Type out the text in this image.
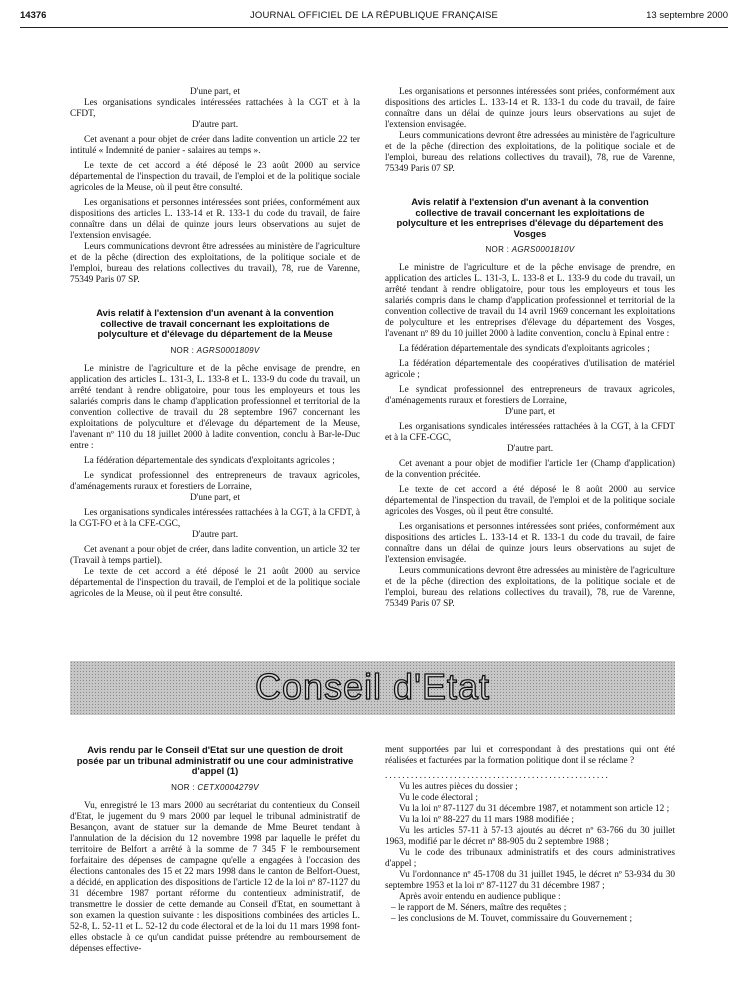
14376	JOURNAL OFFICIEL DE LA RÉPUBLIQUE FRANÇAISE	13 septembre 2000

D'une part, et

Les organisations syndicales intéressées rattachées à la CGT et à la CFDT,

D'autre part.

Cet avenant a pour objet de créer dans ladite convention un article 22 ter intitulé « Indemnité de panier - salaires au temps ».

Le texte de cet accord a été déposé le 23 août 2000 au service départemental de l'inspection du travail, de l'emploi et de la politique sociale agricoles de la Meuse, où il peut être consulté.

Les organisations et personnes intéressées sont priées, conformément aux dispositions des articles L. 133-14 et R. 133-1 du code du travail, de faire connaître dans un délai de quinze jours leurs observations au sujet de l'extension envisagée.

Leurs communications devront être adressées au ministère de l'agriculture et de la pêche (direction des exploitations, de la politique sociale et de l'emploi, bureau des relations collectives du travail), 78, rue de Varenne, 75349 Paris 07 SP.

Avis relatif à l'extension d'un avenant à la convention collective de travail concernant les exploitations de polyculture et d'élevage du département de la Meuse
NOR : AGRS0001809V

Le ministre de l'agriculture et de la pêche envisage de prendre, en application des articles L. 131-3, L. 133-8 et L. 133-9 du code du travail, un arrêté tendant à rendre obligatoire, pour tous les employeurs et tous les salariés compris dans le champ d'application professionnel et territorial de la convention collective de travail du 28 septembre 1967 concernant les exploitations de polyculture et d'élevage du département de la Meuse, l'avenant nº 110 du 18 juillet 2000 à ladite convention, conclu à Bar-le-Duc entre :

La fédération départementale des syndicats d'exploitants agricoles ;

Le syndicat professionnel des entrepreneurs de travaux agricoles, d'aménagements ruraux et forestiers de Lorraine,

D'une part, et

Les organisations syndicales intéressées rattachées à la CGT, à la CFDT, à la CGT-FO et à la CFE-CGC,

D'autre part.

Cet avenant a pour objet de créer, dans ladite convention, un article 32 ter (Travail à temps partiel).

Le texte de cet accord a été déposé le 21 août 2000 au service départemental de l'inspection du travail, de l'emploi et de la politique sociale agricoles de la Meuse, où il peut être consulté.

Les organisations et personnes intéressées sont priées, conformément aux dispositions des articles L. 133-14 et R. 133-1 du code du travail, de faire connaître dans un délai de quinze jours leurs observations au sujet de l'extension envisagée.

Leurs communications devront être adressées au ministère de l'agriculture et de la pêche (direction des exploitations, de la politique sociale et de l'emploi, bureau des relations collectives du travail), 78, rue de Varenne, 75349 Paris 07 SP.

Avis relatif à l'extension d'un avenant à la convention collective de travail concernant les exploitations de polyculture et les entreprises d'élevage du département des Vosges
NOR : AGRS0001810V

Le ministre de l'agriculture et de la pêche envisage de prendre, en application des articles L. 131-3, L. 133-8 et L. 133-9 du code du travail, un arrêté tendant à rendre obligatoire, pour tous les employeurs et tous les salariés compris dans le champ d'application professionnel et territorial de la convention collective de travail du 14 avril 1969 concernant les exploitations de polyculture et les entreprises d'élevage du département des Vosges, l'avenant nº 89 du 10 juillet 2000 à ladite convention, conclu à Epinal entre :

La fédération départementale des syndicats d'exploitants agricoles ;

La fédération départementale des coopératives d'utilisation de matériel agricole ;

Le syndicat professionnel des entrepreneurs de travaux agricoles, d'aménagements ruraux et forestiers de Lorraine,

D'une part, et

Les organisations syndicales intéressées rattachées à la CGT, à la CFDT et à la CFE-CGC,

D'autre part.

Cet avenant a pour objet de modifier l'article 1er (Champ d'application) de la convention précitée.

Le texte de cet accord a été déposé le 8 août 2000 au service départemental de l'inspection du travail, de l'emploi et de la politique sociale agricoles des Vosges, où il peut être consulté.

Les organisations et personnes intéressées sont priées, conformément aux dispositions des articles L. 133-14 et R. 133-1 du code du travail, de faire connaître dans un délai de quinze jours leurs observations au sujet de l'extension envisagée.

Leurs communications devront être adressées au ministère de l'agriculture et de la pêche (direction des exploitations, de la politique sociale et de l'emploi, bureau des relations collectives du travail), 78, rue de Varenne, 75349 Paris 07 SP.

Conseil d'Etat
Avis rendu par le Conseil d'Etat sur une question de droit posée par un tribunal administratif ou une cour administrative d'appel (1)
NOR : CETX0004279V

Vu, enregistré le 13 mars 2000 au secrétariat du contentieux du Conseil d'Etat, le jugement du 9 mars 2000 par lequel le tribunal administratif de Besançon, avant de statuer sur la demande de Mme Beuret tendant à l'annulation de la décision du 12 novembre 1998 par laquelle le préfet du territoire de Belfort a arrêté à la somme de 7 345 F le remboursement forfaitaire des dépenses de campagne qu'elle a engagées à l'occasion des élections cantonales des 15 et 22 mars 1998 dans le canton de Belfort-Ouest, a décidé, en application des dispositions de l'article 12 de la loi nº 87-1127 du 31 décembre 1987 portant réforme du contentieux administratif, de transmettre le dossier de cette demande au Conseil d'Etat, en soumettant à son examen la question suivante : les dispositions combinées des articles L. 52-8, L. 52-11 et L. 52-12 du code électoral et de la loi du 11 mars 1998 font-elles obstacle à ce qu'un candidat puisse prétendre au remboursement de dépenses effective-

ment supportées par lui et correspondant à des prestations qui ont été réalisées et facturées par la formation politique dont il se réclame ?

....................................................

Vu les autres pièces du dossier ;

Vu le code électoral ;

Vu la loi nº 87-1127 du 31 décembre 1987, et notamment son article 12 ;

Vu la loi nº 88-227 du 11 mars 1988 modifiée ;

Vu les articles 57-11 à 57-13 ajoutés au décret nº 63-766 du 30 juillet 1963, modifié par le décret nº 88-905 du 2 septembre 1988 ;

Vu le code des tribunaux administratifs et des cours administratives d'appel ;

Vu l'ordonnance nº 45-1708 du 31 juillet 1945, le décret nº 53-934 du 30 septembre 1953 et la loi nº 87-1127 du 31 décembre 1987 ;

Après avoir entendu en audience publique :

– le rapport de M. Séners, maître des requêtes ;

– les conclusions de M. Touvet, commissaire du Gouvernement ;
